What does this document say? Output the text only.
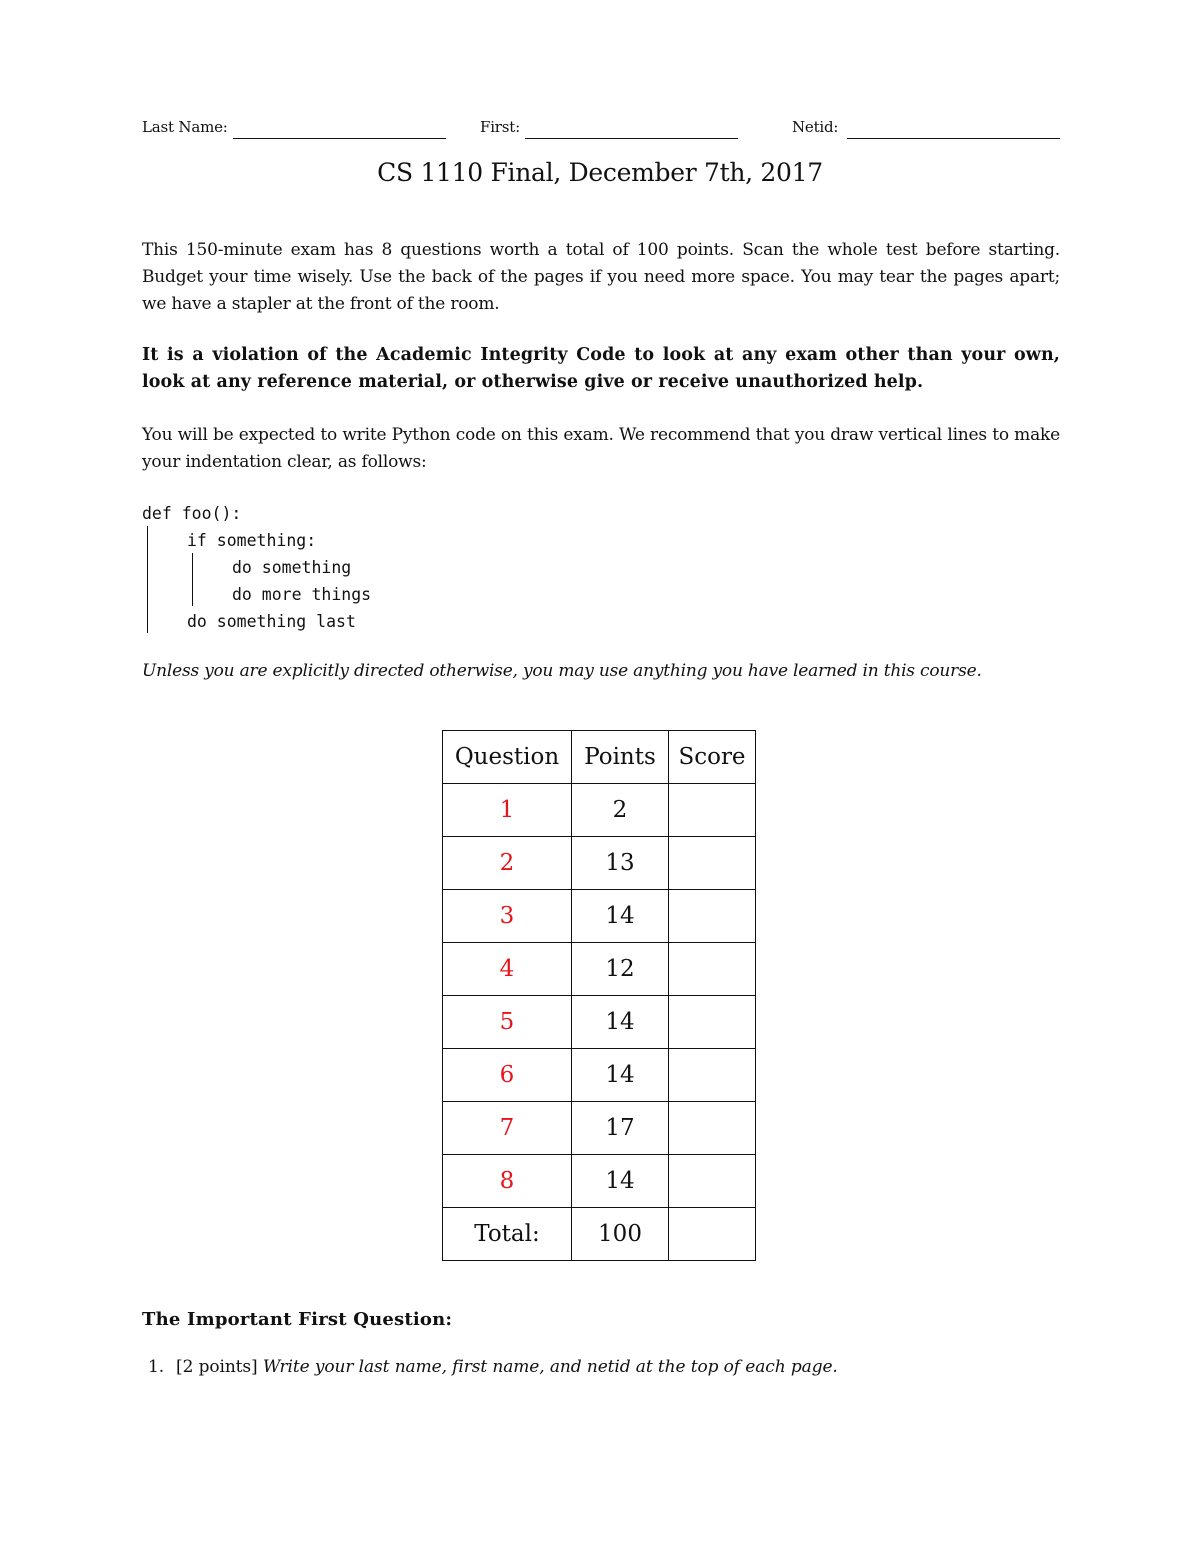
Last Name:	First:	Netid:
CS 1110 Final, December 7th, 2017
This 150-minute exam has 8 questions worth a total of 100 points. Scan the whole test before starting. Budget your time wisely. Use the back of the pages if you need more space. You may tear the pages apart; we have a stapler at the front of the room.
It is a violation of the Academic Integrity Code to look at any exam other than your own, look at any reference material, or otherwise give or receive unauthorized help.
You will be expected to write Python code on this exam. We recommend that you draw vertical lines to make your indentation clear, as follows:
def foo():
if something:
do something
do more things
do something last
Unless you are explicitly directed otherwise, you may use anything you have learned in this course.
Question	Points	Score
1	2	
2	13	
3	14	
4	12	
5	14	
6	14	
7	17	
8	14	
Total:	100	
The Important First Question:
1. [2 points] Write your last name, first name, and netid at the top of each page.
